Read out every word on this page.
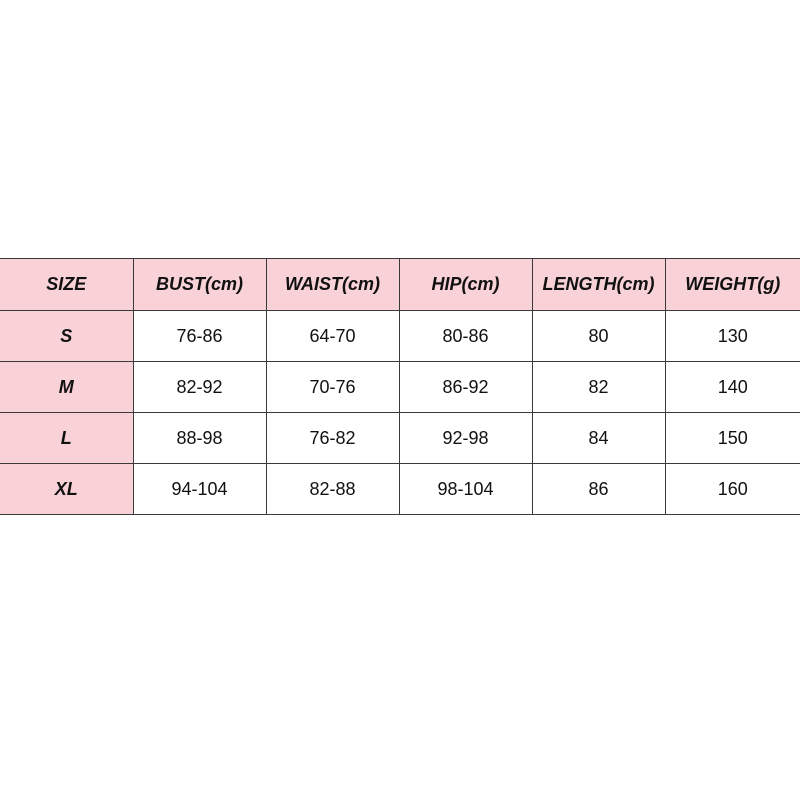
SIZE	BUST(cm)	WAIST(cm)	HIP(cm)	LENGTH(cm)	WEIGHT(g)
S	76-86	64-70	80-86	80	130
M	82-92	70-76	86-92	82	140
L	88-98	76-82	92-98	84	150
XL	94-104	82-88	98-104	86	160
